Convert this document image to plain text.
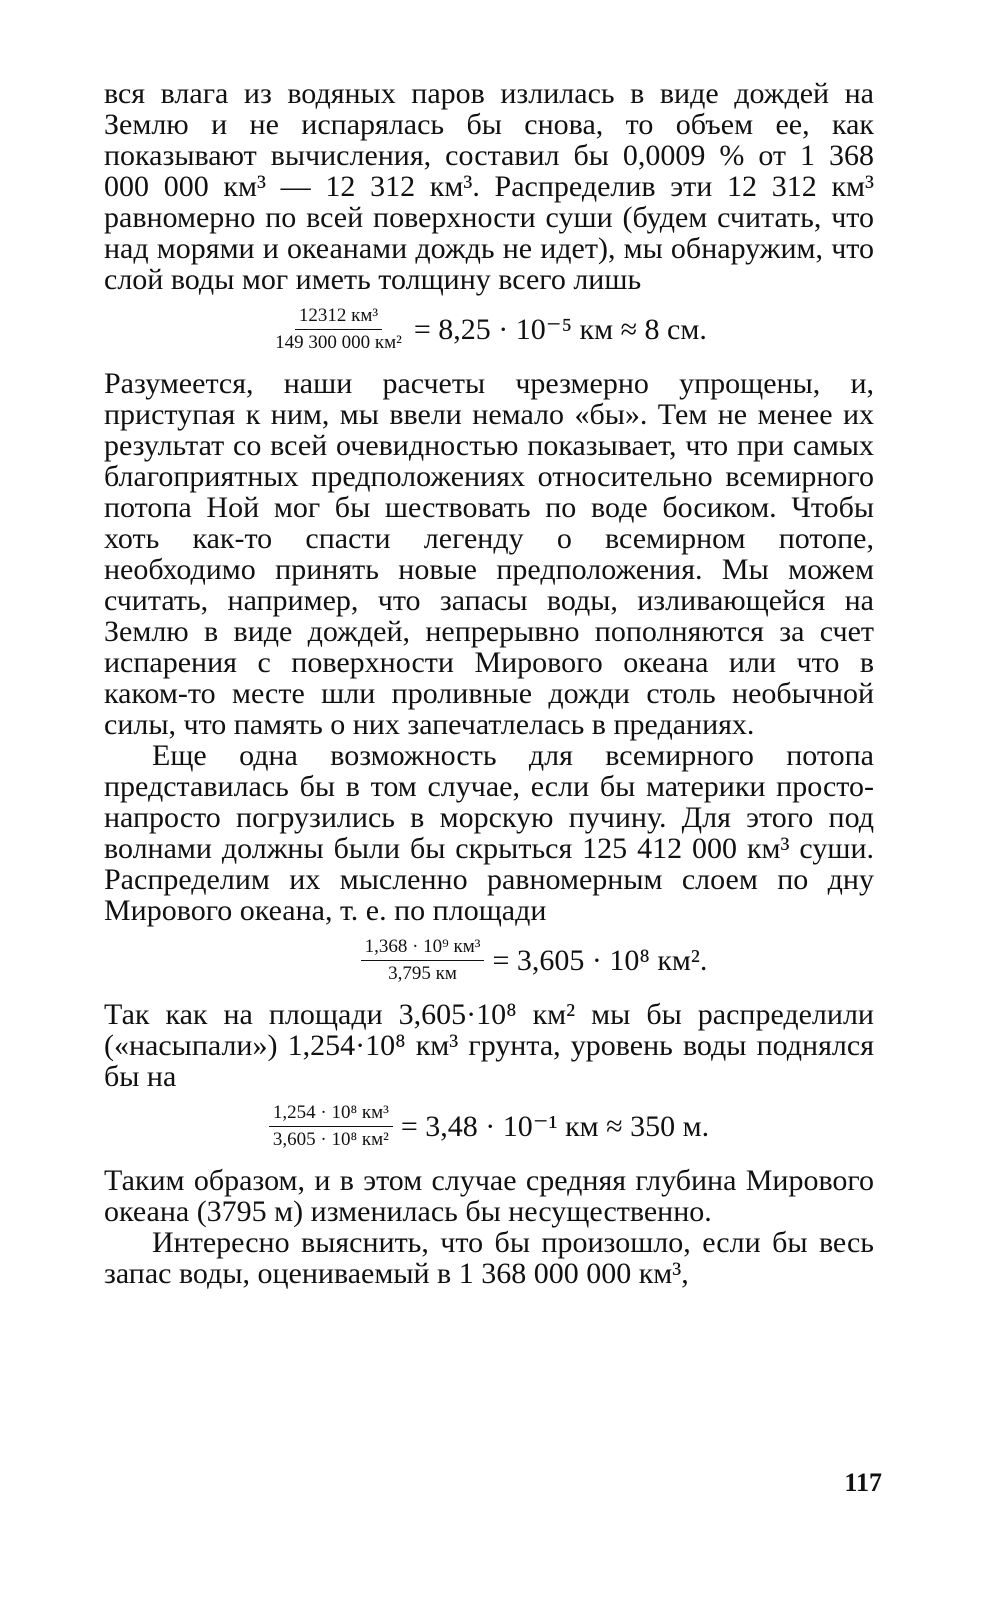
вся влага из водяных паров излилась в виде дождей на Землю и не испарялась бы снова, то объем ее, как показывают вычисления, составил бы 0,0009 % от 1 368 000 000 км³ — 12 312 км³. Распределив эти 12 312 км³ равномерно по всей поверхности суши (будем считать, что над морями и океанами дождь не идет), мы обнаружим, что слой воды мог иметь толщину всего лишь

$\frac{\text{12312 км³}}{\text{149 300 000 км²}} = 8,25 \cdot 10^{-5}$ км ≈ 8 см.

Разумеется, наши расчеты чрезмерно упрощены, и, приступая к ним, мы ввели немало «бы». Тем не менее их результат со всей очевидностью показывает, что при самых благоприятных предположениях относительно всемирного потопа Ной мог бы шествовать по воде босиком. Чтобы хоть как-то спасти легенду о всемирном потопе, необходимо принять новые предположения. Мы можем считать, например, что запасы воды, изливающейся на Землю в виде дождей, непрерывно пополняются за счет испарения с поверхности Мирового океана или что в каком-то месте шли проливные дожди столь необычной силы, что память о них запечатлелась в преданиях.

Еще одна возможность для всемирного потопа представилась бы в том случае, если бы материки просто-напросто погрузились в морскую пучину. Для этого под волнами должны были бы скрыться 125 412 000 км³ суши. Распределим их мысленно равномерным слоем по дну Мирового океана, т. е. по площади

$\frac{\text{1,368 · 10⁹ км³}}{3,795 км} = 3,605 \cdot 10^8$ км².

Так как на площади 3,605·10⁸ км² мы бы распределили («насыпали») 1,254·10⁸ км³ грунта, уровень воды поднялся бы на

$\frac{\text{1,254 · 10⁸ км³}}{\text{3,605 · 10⁸ км²}} = 3,48 \cdot 10^{-1}$ км ≈ 350 м.

Таким образом, и в этом случае средняя глубина Мирового океана (3795 м) изменилась бы несущественно.

Интересно выяснить, что бы произошло, если бы весь запас воды, оцениваемый в 1 368 000 000 км³,

117
